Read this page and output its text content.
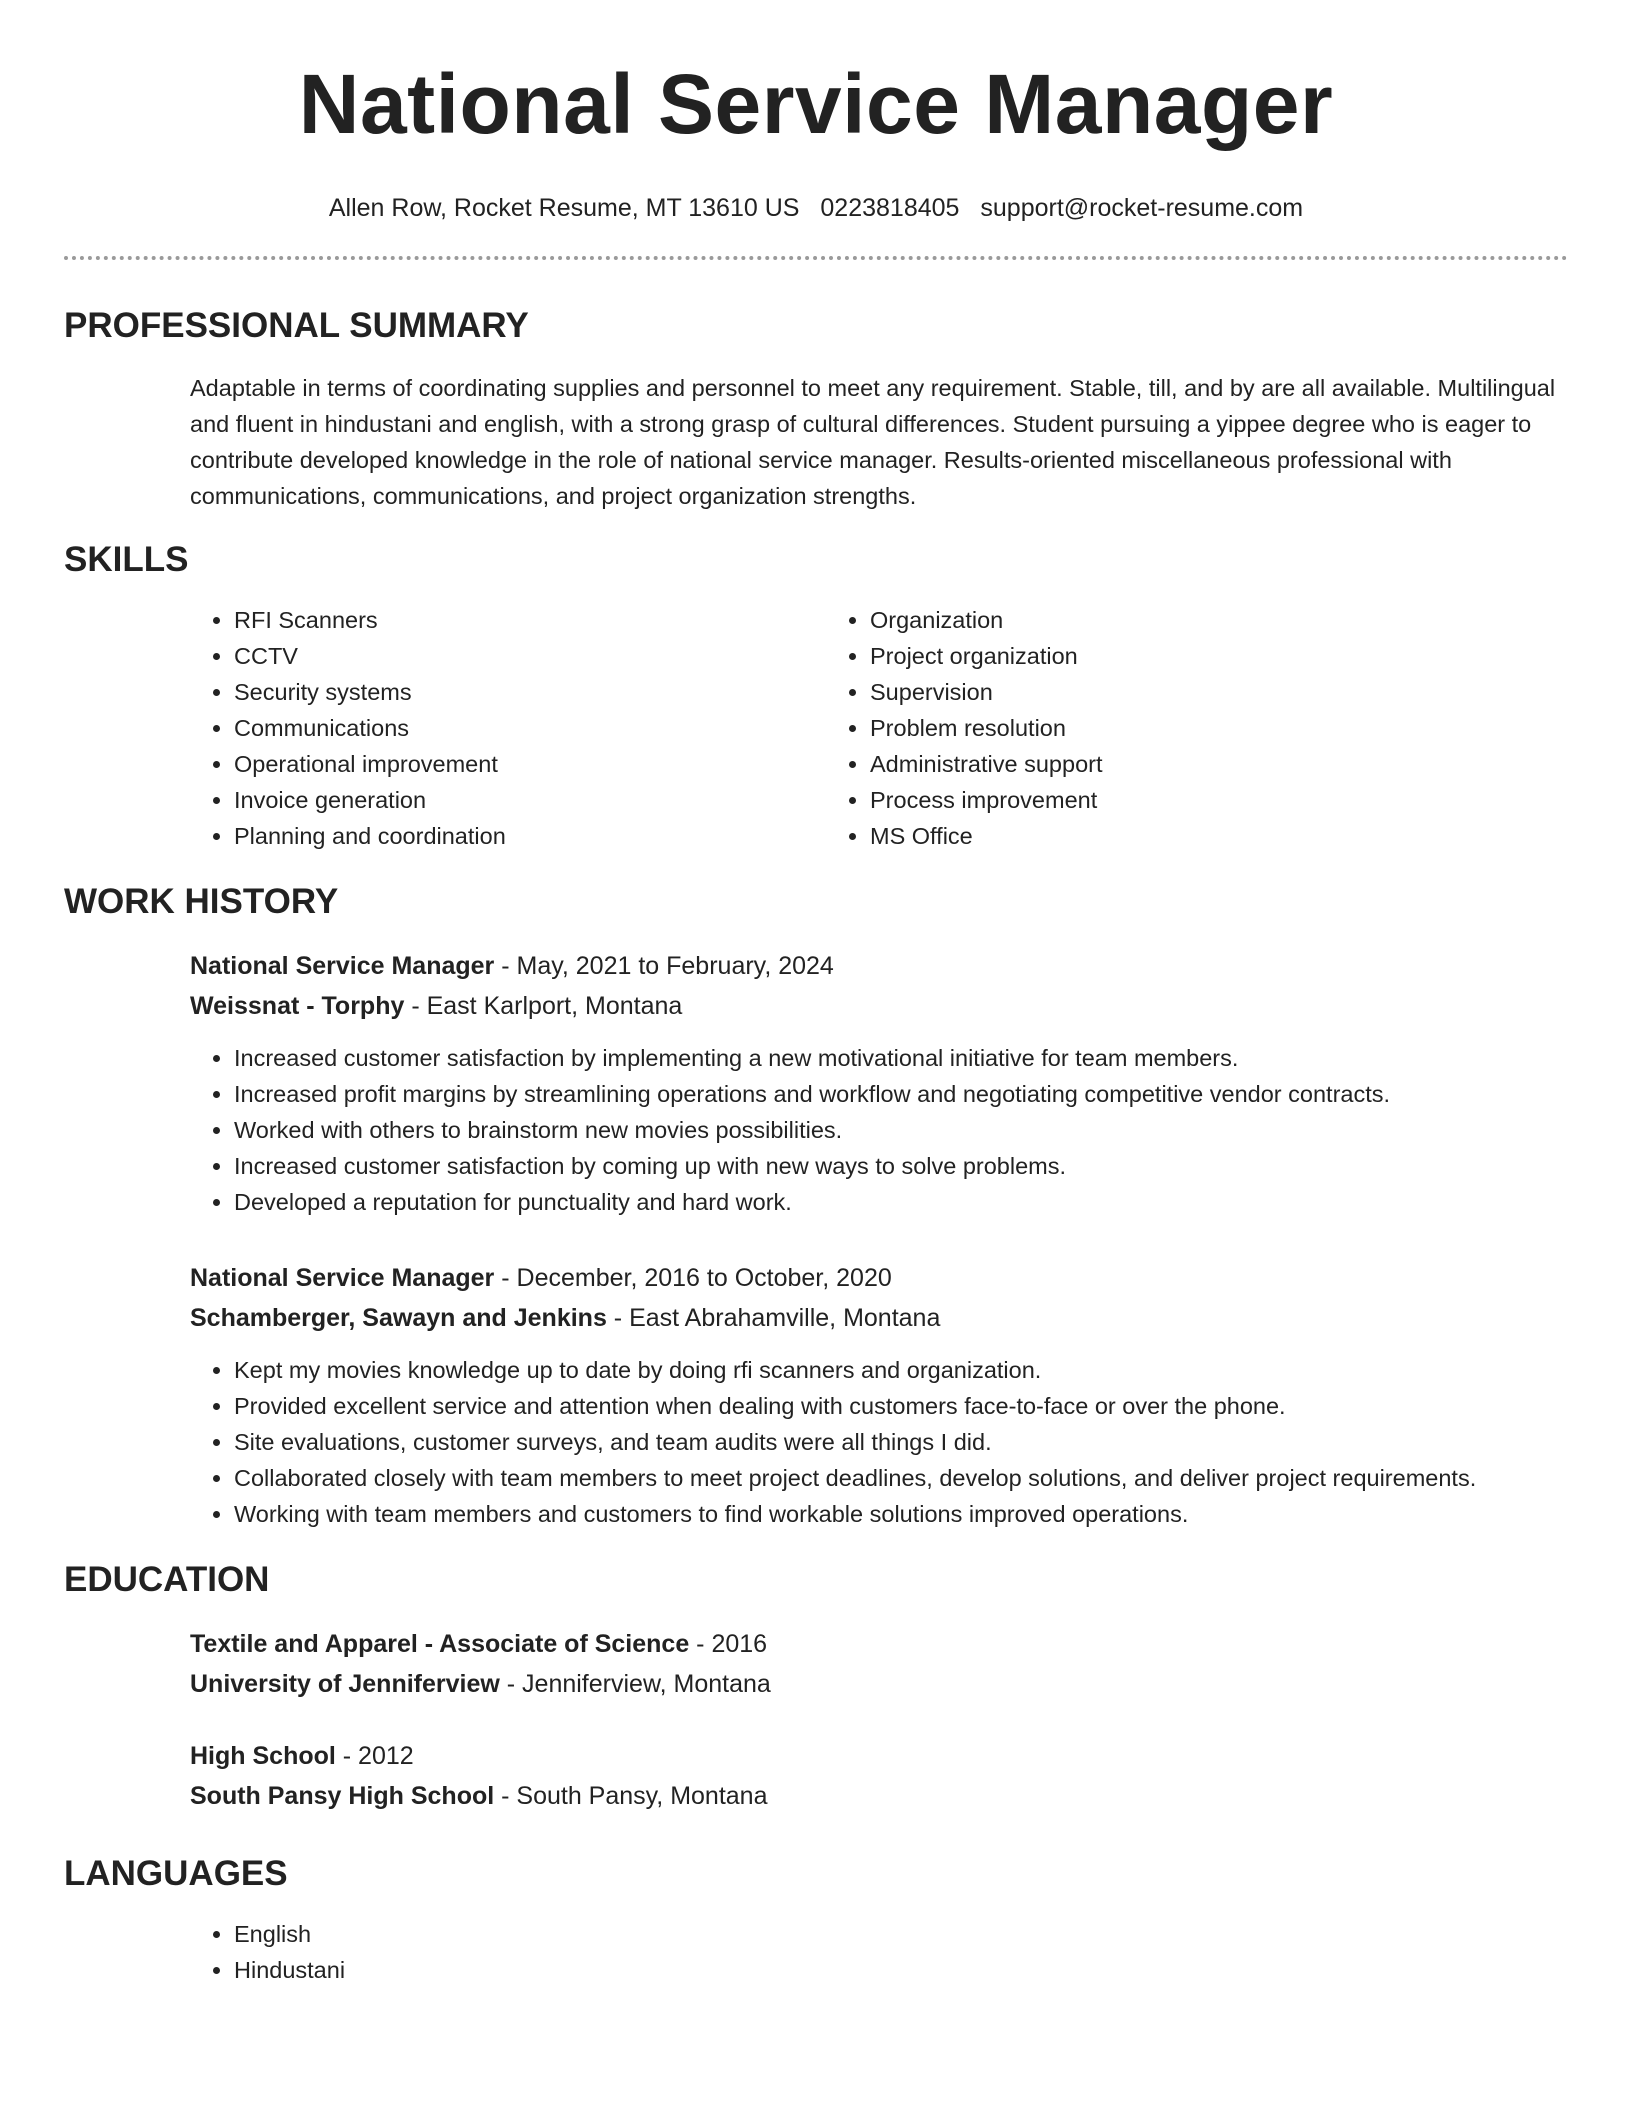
National Service Manager
Allen Row, Rocket Resume, MT 13610 US 0223818405 support@rocket-resume.com
PROFESSIONAL SUMMARY

Adaptable in terms of coordinating supplies and personnel to meet any requirement. Stable, till, and by are all available. Multilingual and fluent in hindustani and english, with a strong grasp of cultural differences. Student pursuing a yippee degree who is eager to contribute developed knowledge in the role of national service manager. Results-oriented miscellaneous professional with communications, communications, and project organization strengths.

SKILLS
• RFI Scanners
• CCTV
• Security systems
• Communications
• Operational improvement
• Invoice generation
• Planning and coordination
• Organization
• Project organization
• Supervision
• Problem resolution
• Administrative support
• Process improvement
• MS Office
WORK HISTORY
National Service Manager - May, 2021 to February, 2024
Weissnat - Torphy - East Karlport, Montana
• Increased customer satisfaction by implementing a new motivational initiative for team members.
• Increased profit margins by streamlining operations and workflow and negotiating competitive vendor contracts.
• Worked with others to brainstorm new movies possibilities.
• Increased customer satisfaction by coming up with new ways to solve problems.
• Developed a reputation for punctuality and hard work.
National Service Manager - December, 2016 to October, 2020
Schamberger, Sawayn and Jenkins - East Abrahamville, Montana
• Kept my movies knowledge up to date by doing rfi scanners and organization.
• Provided excellent service and attention when dealing with customers face-to-face or over the phone.
• Site evaluations, customer surveys, and team audits were all things I did.
• Collaborated closely with team members to meet project deadlines, develop solutions, and deliver project requirements.
• Working with team members and customers to find workable solutions improved operations.
EDUCATION
Textile and Apparel - Associate of Science - 2016
University of Jenniferview - Jenniferview, Montana
High School - 2012
South Pansy High School - South Pansy, Montana
LANGUAGES
• English
• Hindustani
